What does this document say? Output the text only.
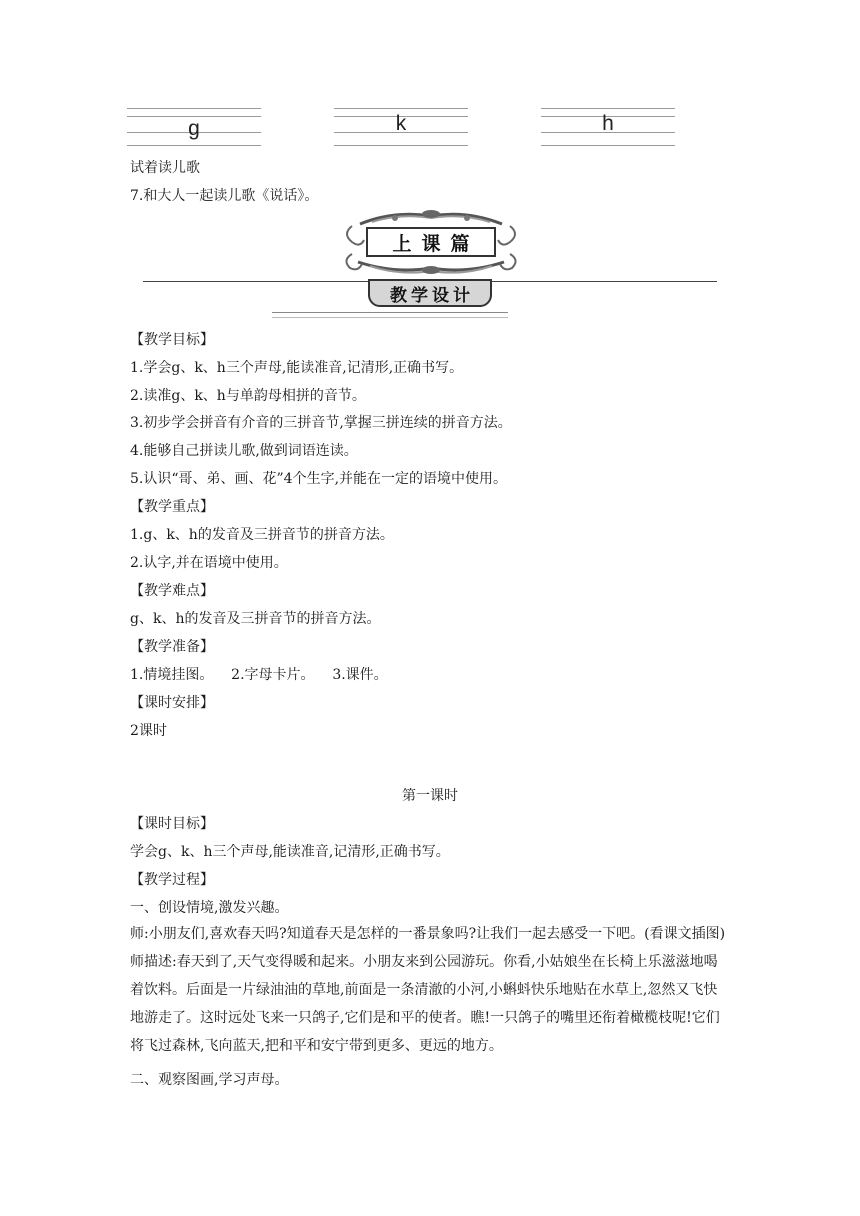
g	k	h
试着读儿歌
7.和大人一起读儿歌《说话》。
上课篇
教学设计
【教学目标】
1.学会g、k、h三个声母,能读准音,记清形,正确书写。
2.读准g、k、h与单韵母相拼的音节。
3.初步学会拼音有介音的三拼音节,掌握三拼连续的拼音方法。
4.能够自己拼读儿歌,做到词语连读。
5.认识“哥、弟、画、花”4个生字,并能在一定的语境中使用。
【教学重点】
1.g、k、h的发音及三拼音节的拼音方法。
2.认字,并在语境中使用。
【教学难点】
g、k、h的发音及三拼音节的拼音方法。
【教学准备】
1.情境挂图。    2.字母卡片。    3.课件。
【课时安排】
2课时
第一课时
【课时目标】
学会g、k、h三个声母,能读准音,记清形,正确书写。
【教学过程】
一、创设情境,激发兴趣。
师:小朋友们,喜欢春天吗?知道春天是怎样的一番景象吗?让我们一起去感受一下吧。(看课文插图)师描述:春天到了,天气变得暖和起来。小朋友来到公园游玩。你看,小姑娘坐在长椅上乐滋滋地喝着饮料。后面是一片绿油油的草地,前面是一条清澈的小河,小蝌蚪快乐地贴在水草上,忽然又飞快地游走了。这时远处飞来一只鸽子,它们是和平的使者。瞧!一只鸽子的嘴里还衔着橄榄枝呢!它们将飞过森林,飞向蓝天,把和平和安宁带到更多、更远的地方。
二、观察图画,学习声母。
